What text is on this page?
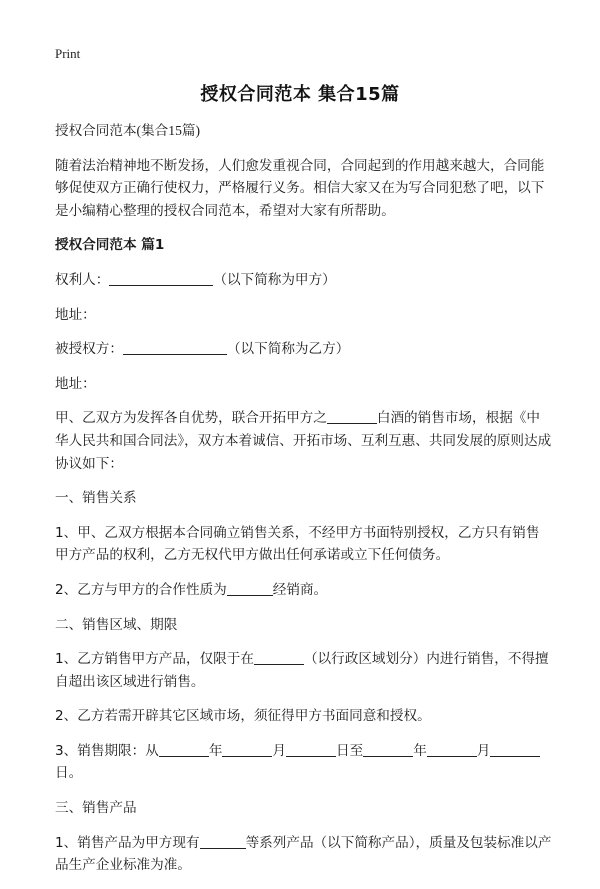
Print
授权合同范本 集合15篇

授权合同范本(集合15篇)

随着法治精神地不断发扬，人们愈发重视合同，合同起到的作用越来越大，合同能够促使双方正确行使权力，严格履行义务。相信大家又在为写合同犯愁了吧，以下是小编精心整理的授权合同范本，希望对大家有所帮助。

授权合同范本 篇1

权利人：	（以下简称为甲方）

地址：

被授权方：	（以下简称为乙方）

地址：

甲、乙双方为发挥各自优势，联合开拓甲方之	白酒的销售市场，根据《中华人民共和国合同法》，双方本着诚信、开拓市场、互利互惠、共同发展的原则达成协议如下：

一、销售关系

1、甲、乙双方根据本合同确立销售关系，不经甲方书面特别授权，乙方只有销售甲方产品的权利，乙方无权代甲方做出任何承诺或立下任何债务。

2、乙方与甲方的合作性质为	经销商。

二、销售区域、期限

1、乙方销售甲方产品，仅限于在	（以行政区域划分）内进行销售，不得擅自超出该区域进行销售。

2、乙方若需开辟其它区域市场，须征得甲方书面同意和授权。

3、销售期限：从	年	月	日至	年	月日。

三、销售产品

1、销售产品为甲方现有	等系列产品（以下简称产品），质量及包装标准以产品生产企业标准为准。
